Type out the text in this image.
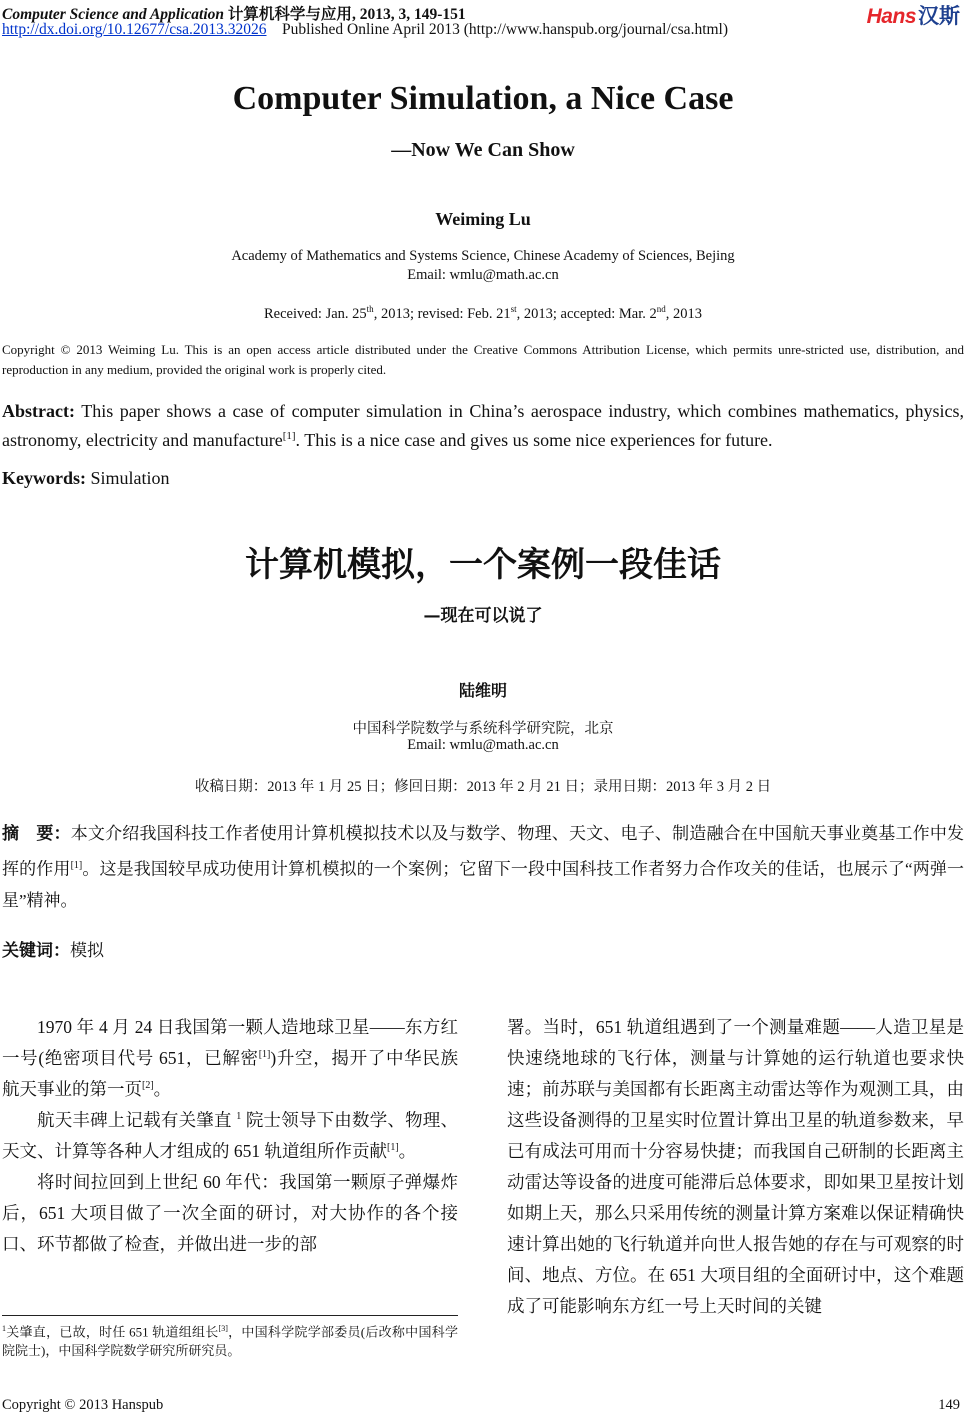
Computer Science and Application 计算机科学与应用, 2013, 3, 149-151
http://dx.doi.org/10.12677/csa.2013.32026 Published Online April 2013 (http://www.hanspub.org/journal/csa.html)
Hans汉斯
Computer Simulation, a Nice Case
—Now We Can Show
Weiming Lu
Academy of Mathematics and Systems Science, Chinese Academy of Sciences, Bejing
Email: wmlu@math.ac.cn
Received: Jan. 25th, 2013; revised: Feb. 21st, 2013; accepted: Mar. 2nd, 2013
Copyright © 2013 Weiming Lu. This is an open access article distributed under the Creative Commons Attribution License, which permits unre-stricted use, distribution, and reproduction in any medium, provided the original work is properly cited.
Abstract: This paper shows a case of computer simulation in China’s aerospace industry, which combines mathematics, physics, astronomy, electricity and manufacture[1]. This is a nice case and gives us some nice experiences for future.
Keywords: Simulation
计算机模拟，一个案例一段佳话
—现在可以说了
陆维明
中国科学院数学与系统科学研究院，北京
Email: wmlu@math.ac.cn
收稿日期：2013 年 1 月 25 日；修回日期：2013 年 2 月 21 日；录用日期：2013 年 3 月 2 日
摘　要：本文介绍我国科技工作者使用计算机模拟技术以及与数学、物理、天文、电子、制造融合在中国航天事业奠基工作中发挥的作用[1]。这是我国较早成功使用计算机模拟的一个案例；它留下一段中国科技工作者努力合作攻关的佳话，也展示了“两弹一星”精神。
关键词：模拟

1970 年 4 月 24 日我国第一颗人造地球卫星——东方红一号(绝密项目代号 651，已解密[1])升空，揭开了中华民族航天事业的第一页[2]。

航天丰碑上记载有关肇直 $^1$ 院士领导下由数学、物理、天文、计算等各种人才组成的 651 轨道组所作贡献[1]。

将时间拉回到上世纪 60 年代：我国第一颗原子弹爆炸后，651 大项目做了一次全面的研讨，对大协作的各个接口、环节都做了检查，并做出进一步的部

署。当时，651 轨道组遇到了一个测量难题——人造卫星是快速绕地球的飞行体，测量与计算她的运行轨道也要求快速；前苏联与美国都有长距离主动雷达等作为观测工具，由这些设备测得的卫星实时位置计算出卫星的轨道参数来，早已有成法可用而十分容易快捷；而我国自己研制的长距离主动雷达等设备的进度可能滞后总体要求，即如果卫星按计划如期上天，那么只采用传统的测量计算方案难以保证精确快速计算出她的飞行轨道并向世人报告她的存在与可观察的时间、地点、方位。在 651 大项目组的全面研讨中，这个难题成了可能影响东方红一号上天时间的关键

$^1$关肇直，已故，时任 651 轨道组组长[3]，中国科学院学部委员(后改称中国科学院院士)，中国科学院数学研究所研究员。
Copyright © 2013 Hanspub	149
